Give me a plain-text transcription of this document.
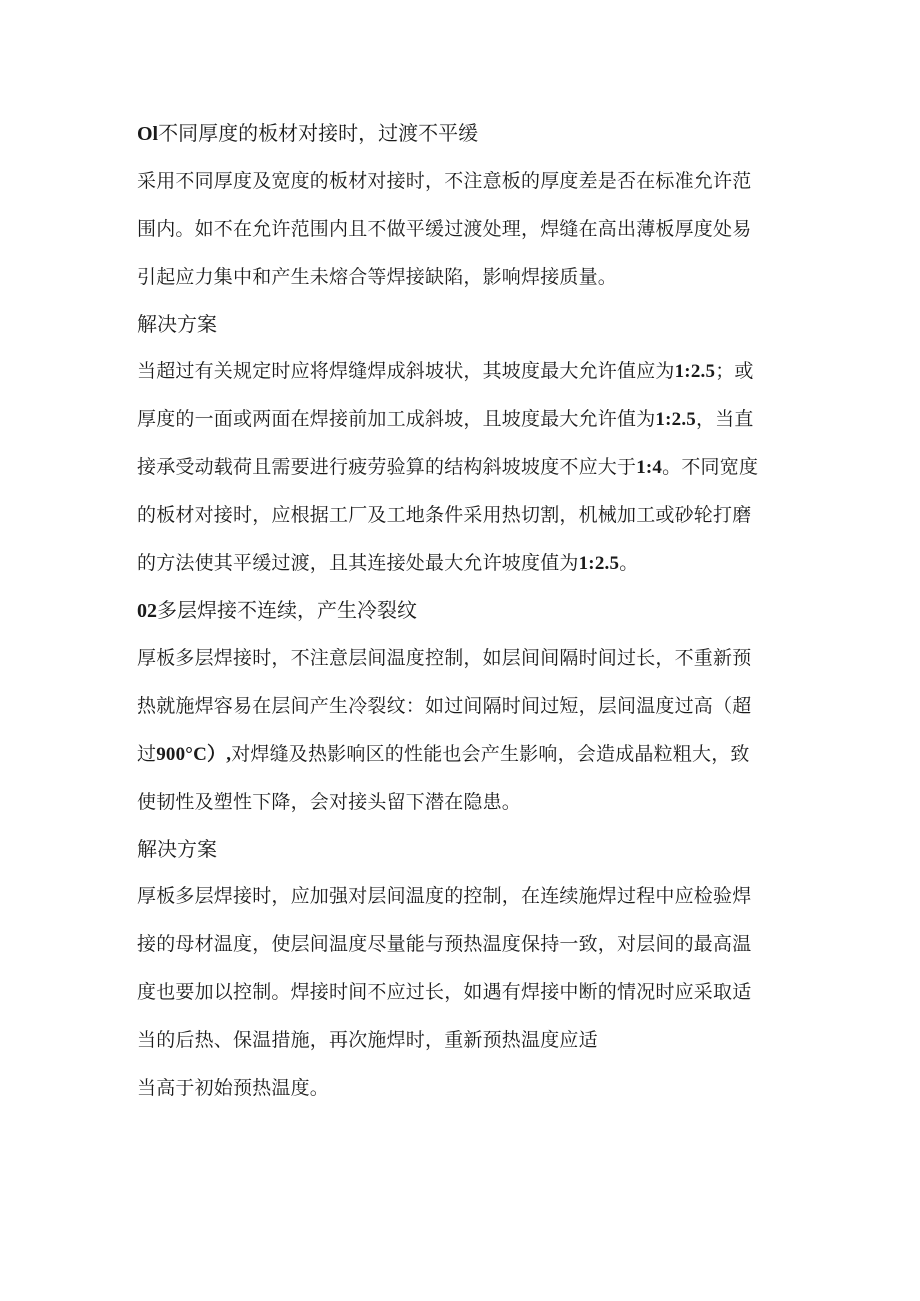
Ol不同厚度的板材对接时，过渡不平缓

采用不同厚度及宽度的板材对接时，不注意板的厚度差是否在标准允许范
围内。如不在允许范围内且不做平缓过渡处理，焊缝在高出薄板厚度处易
引起应力集中和产生未熔合等焊接缺陷，影响焊接质量。

解决方案

当超过有关规定时应将焊缝焊成斜坡状，其坡度最大允许值应为1:2.5；或
厚度的一面或两面在焊接前加工成斜坡，且坡度最大允许值为1:2.5，当直
接承受动载荷且需要进行疲劳验算的结构斜坡坡度不应大于1:4。不同宽度
的板材对接时，应根据工厂及工地条件采用热切割，机械加工或砂轮打磨
的方法使其平缓过渡，且其连接处最大允许坡度值为1:2.5。

02多层焊接不连续，产生冷裂纹

厚板多层焊接时，不注意层间温度控制，如层间间隔时间过长，不重新预
热就施焊容易在层间产生冷裂纹：如过间隔时间过短，层间温度过高（超
过900°C）,对焊缝及热影响区的性能也会产生影响，会造成晶粒粗大，致
使韧性及塑性下降，会对接头留下潜在隐患。

解决方案

厚板多层焊接时，应加强对层间温度的控制，在连续施焊过程中应检验焊
接的母材温度，使层间温度尽量能与预热温度保持一致，对层间的最高温
度也要加以控制。焊接时间不应过长，如遇有焊接中断的情况时应采取适
当的后热、保温措施，再次施焊时，重新预热温度应适
当高于初始预热温度。
